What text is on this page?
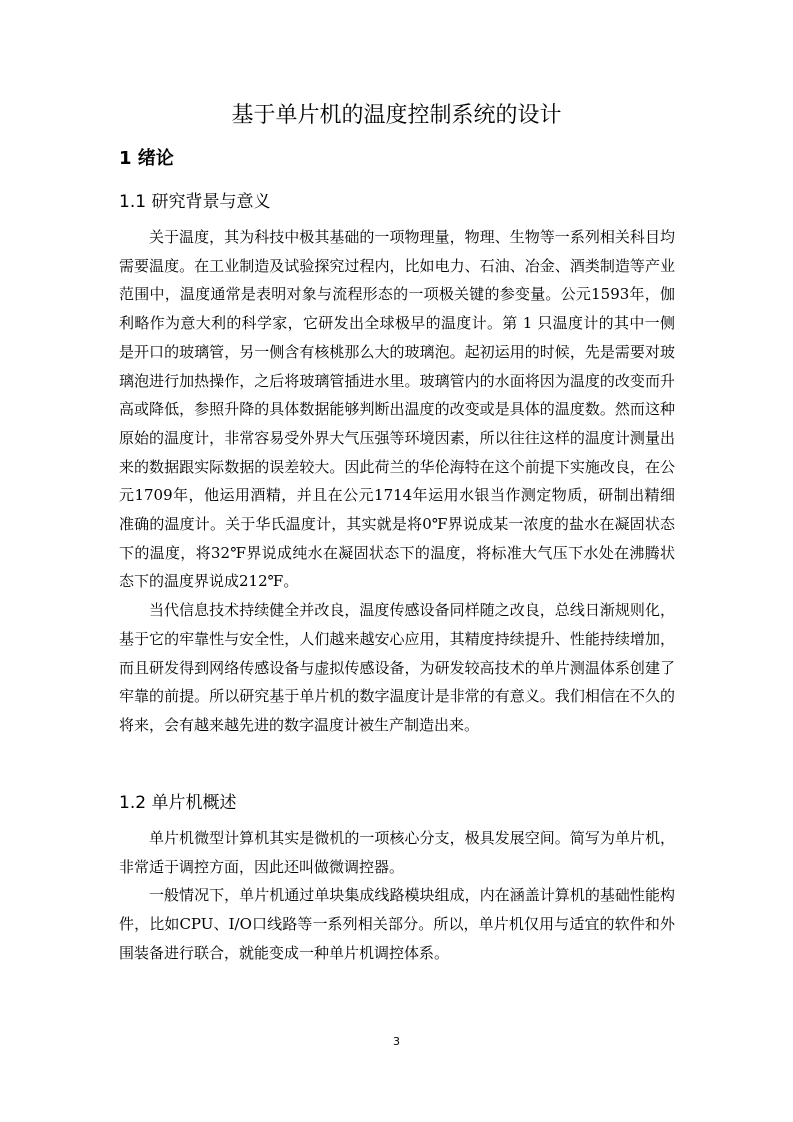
基于单片机的温度控制系统的设计
1 绪论
1.1 研究背景与意义

关于温度，其为科技中极其基础的一项物理量，物理、生物等一系列相关科目均需要温度。在工业制造及试验探究过程内，比如电力、石油、冶金、酒类制造等产业范围中，温度通常是表明对象与流程形态的一项极关键的参变量。公元1593年，伽利略作为意大利的科学家，它研发出全球极早的温度计。第 1 只温度计的其中一侧是开口的玻璃管，另一侧含有核桃那么大的玻璃泡。起初运用的时候，先是需要对玻璃泡进行加热操作，之后将玻璃管插进水里。玻璃管内的水面将因为温度的改变而升高或降低，参照升降的具体数据能够判断出温度的改变或是具体的温度数。然而这种原始的温度计，非常容易受外界大气压强等环境因素，所以往往这样的温度计测量出来的数据跟实际数据的误差较大。因此荷兰的华伦海特在这个前提下实施改良，在公元1709年，他运用酒精，并且在公元1714年运用水银当作测定物质，研制出精细准确的温度计。关于华氏温度计，其实就是将0℉界说成某一浓度的盐水在凝固状态下的温度，将32℉界说成纯水在凝固状态下的温度，将标准大气压下水处在沸腾状态下的温度界说成212℉。

当代信息技术持续健全并改良，温度传感设备同样随之改良，总线日渐规则化，基于它的牢靠性与安全性，人们越来越安心应用，其精度持续提升、性能持续增加，而且研发得到网络传感设备与虚拟传感设备，为研发较高技术的单片测温体系创建了牢靠的前提。所以研究基于单片机的数字温度计是非常的有意义。我们相信在不久的将来，会有越来越先进的数字温度计被生产制造出来。

1.2 单片机概述

单片机微型计算机其实是微机的一项核心分支，极具发展空间。简写为单片机，非常适于调控方面，因此还叫做微调控器。

一般情况下，单片机通过单块集成线路模块组成，内在涵盖计算机的基础性能构件，比如CPU、I/O口线路等一系列相关部分。所以，单片机仅用与适宜的软件和外围装备进行联合，就能变成一种单片机调控体系。

3
